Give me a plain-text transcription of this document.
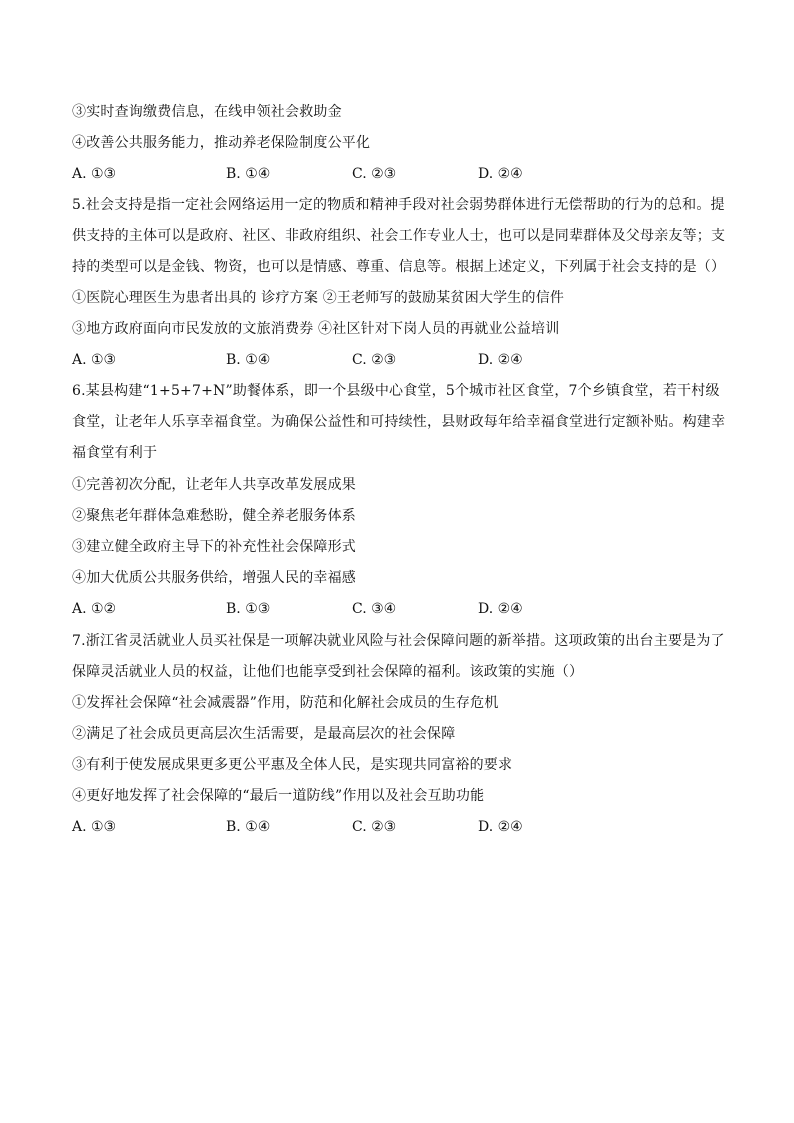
③实时查询缴费信息，在线申领社会救助金
④改善公共服务能力，推动养老保险制度公平化
A. ①③	B. ①④	C. ②③	D. ②④
5.社会支持是指一定社会网络运用一定的物质和精神手段对社会弱势群体进行无偿帮助的行为的总和。提
供支持的主体可以是政府、社区、非政府组织、社会工作专业人士，也可以是同辈群体及父母亲友等；支
持的类型可以是金钱、物资，也可以是情感、尊重、信息等。根据上述定义，下列属于社会支持的是（）
①医院心理医生为患者出具的 诊疗方案 ②王老师写的鼓励某贫困大学生的信件
③地方政府面向市民发放的文旅消费券 ④社区针对下岗人员的再就业公益培训
A. ①③	B. ①④	C. ②③	D. ②④
6.某县构建“1+5+7+N”助餐体系，即一个县级中心食堂，5个城市社区食堂，7个乡镇食堂，若干村级
食堂，让老年人乐享幸福食堂。为确保公益性和可持续性，县财政每年给幸福食堂进行定额补贴。构建幸
福食堂有利于
①完善初次分配，让老年人共享改革发展成果
②聚焦老年群体急难愁盼，健全养老服务体系
③建立健全政府主导下的补充性社会保障形式
④加大优质公共服务供给，增强人民的幸福感
A. ①②	B. ①③	C. ③④	D. ②④
7.浙江省灵活就业人员买社保是一项解决就业风险与社会保障问题的新举措。这项政策的出台主要是为了
保障灵活就业人员的权益，让他们也能享受到社会保障的福利。该政策的实施（）
①发挥社会保障“社会减震器”作用，防范和化解社会成员的生存危机
②满足了社会成员更高层次生活需要，是最高层次的社会保障
③有利于使发展成果更多更公平惠及全体人民，是实现共同富裕的要求
④更好地发挥了社会保障的“最后一道防线”作用以及社会互助功能
A. ①③	B. ①④	C. ②③	D. ②④
